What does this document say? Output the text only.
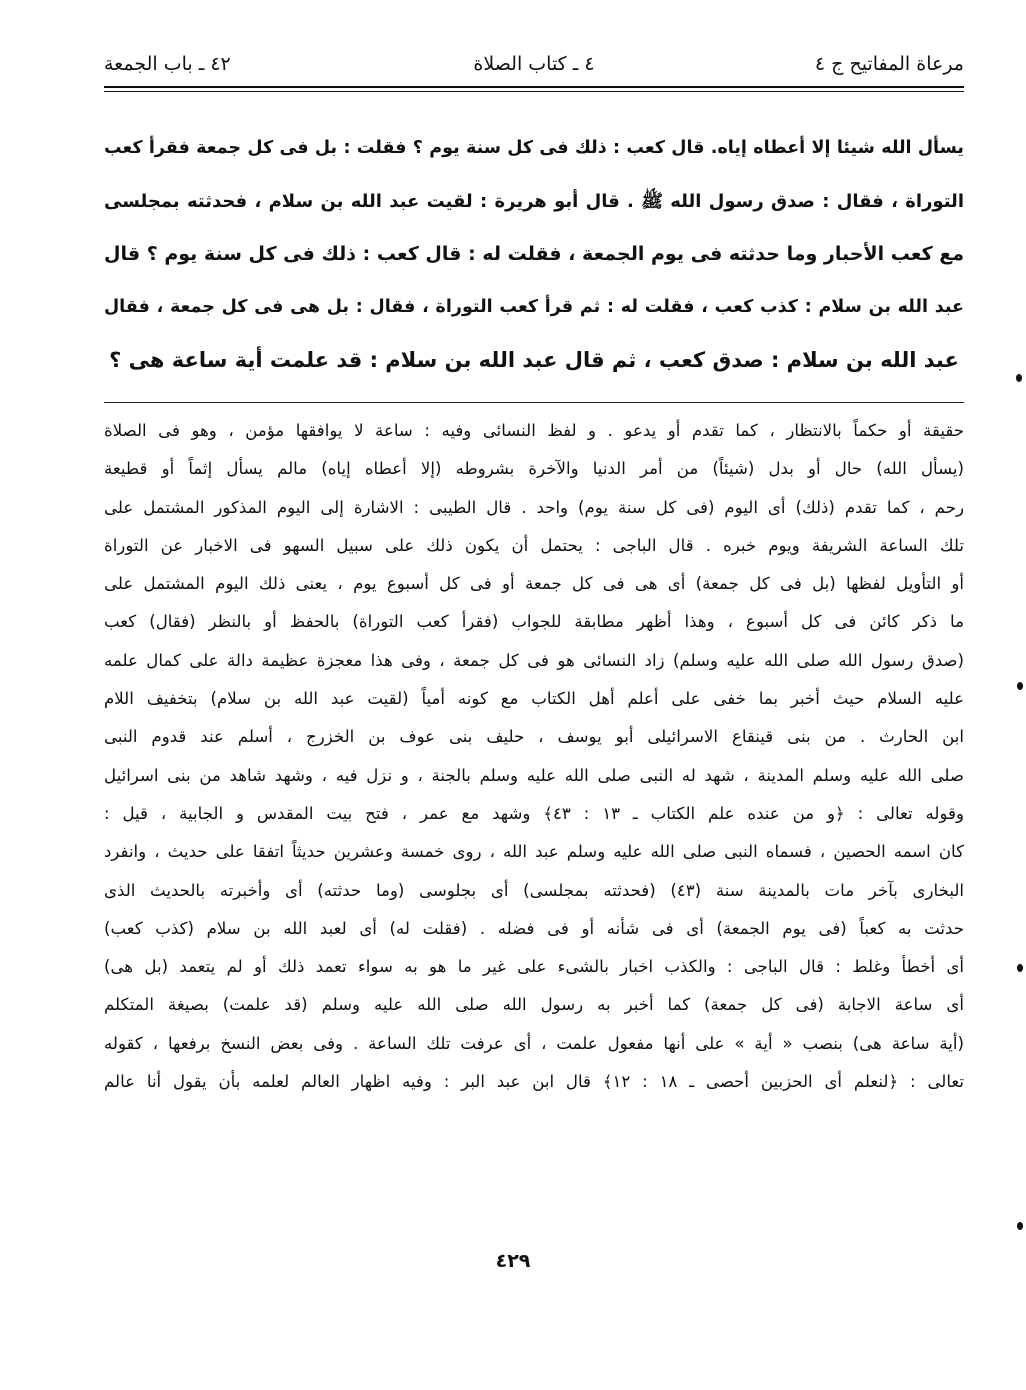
مرعاة المفاتيح ج ٤
٤ ـ كتاب الصلاة
٤٢ ـ باب الجمعة
يسأل الله شيئا إلا أعطاه إياه. قال كعب : ذلك فى كل سنة يوم ؟ فقلت : بل فى كل جمعة فقرأ كعب
التوراة ، فقال : صدق رسول الله ﷺ . قال أبو هريرة : لقيت عبد الله بن سلام ، فحدثته بمجلسى
مع كعب الأحبار وما حدثته فى يوم الجمعة ، فقلت له : قال كعب : ذلك فى كل سنة يوم ؟ قال
عبد الله بن سلام : كذب كعب ، فقلت له : ثم قرأ كعب التوراة ، فقال : بل هى فى كل جمعة ، فقال
عبد الله بن سلام : صدق كعب ، ثم قال عبد الله بن سلام : قد علمت أية ساعة هى ؟
حقيقة أو حكماً بالانتظار ، كما تقدم أو يدعو . و لفظ النسائى وفيه : ساعة لا يوافقها مؤمن ، وهو فى الصلاة
(يسأل الله) حال أو بدل (شيئاً) من أمر الدنيا والآخرة بشروطه (إلا أعطاه إياه) مالم يسأل إثماً أو قطيعة
رحم ، كما تقدم (ذلك) أى اليوم (فى كل سنة يوم) واحد . قال الطيبى : الاشارة إلى اليوم المذكور المشتمل على
تلك الساعة الشريفة ويوم خبره . قال الباجى : يحتمل أن يكون ذلك على سبيل السهو فى الاخبار عن التوراة
أو التأويل لفظها (بل فى كل جمعة) أى هى فى كل جمعة أو فى كل أسبوع يوم ، يعنى ذلك اليوم المشتمل على
ما ذكر كائن فى كل أسبوع ، وهذا أظهر مطابقة للجواب (فقرأ كعب التوراة) بالحفظ أو بالنظر (فقال) كعب
(صدق رسول الله صلى الله عليه وسلم) زاد النسائى هو فى كل جمعة ، وفى هذا معجزة عظيمة دالة على كمال علمه
عليه السلام حيث أخبر بما خفى على أعلم أهل الكتاب مع كونه أمياً (لقيت عبد الله بن سلام) بتخفيف اللام
ابن الحارث . من بنى قينقاع الاسرائيلى أبو يوسف ، حليف بنى عوف بن الخزرج ، أسلم عند قدوم النبى
صلى الله عليه وسلم المدينة ، شهد له النبى صلى الله عليه وسلم بالجنة ، و نزل فيه ، وشهد شاهد من بنى اسرائيل
وقوله تعالى : ﴿و من عنده علم الكتاب ـ ١٣ : ٤٣﴾ وشهد مع عمر ، فتح بيت المقدس و الجابية ، قيل :
كان اسمه الحصين ، فسماه النبى صلى الله عليه وسلم عبد الله ، روى خمسة وعشرين حديثاً اتفقا على حديث ، وانفرد
البخارى بآخر مات بالمدينة سنة (٤٣) (فحدثته بمجلسى) أى بجلوسى (وما حدثته) أى وأخبرته بالحديث الذى
حدثت به كعباً (فى يوم الجمعة) أى فى شأنه أو فى فضله . (فقلت له) أى لعبد الله بن سلام (كذب كعب)
أى أخطأ وغلط : قال الباجى : والكذب اخبار بالشىء على غير ما هو به سواء تعمد ذلك أو لم يتعمد (بل هى)
أى ساعة الاجابة (فى كل جمعة) كما أخبر به رسول الله صلى الله عليه وسلم (قد علمت) بصيغة المتكلم
(أية ساعة هى) بنصب « أية » على أنها مفعول علمت ، أى عرفت تلك الساعة . وفى بعض النسخ برفعها ، كقوله
تعالى : ﴿لنعلم أى الحزبين أحصى ـ ١٨ : ١٢﴾ قال ابن عبد البر : وفيه اظهار العالم لعلمه بأن يقول أنا عالم
٤٢٩
